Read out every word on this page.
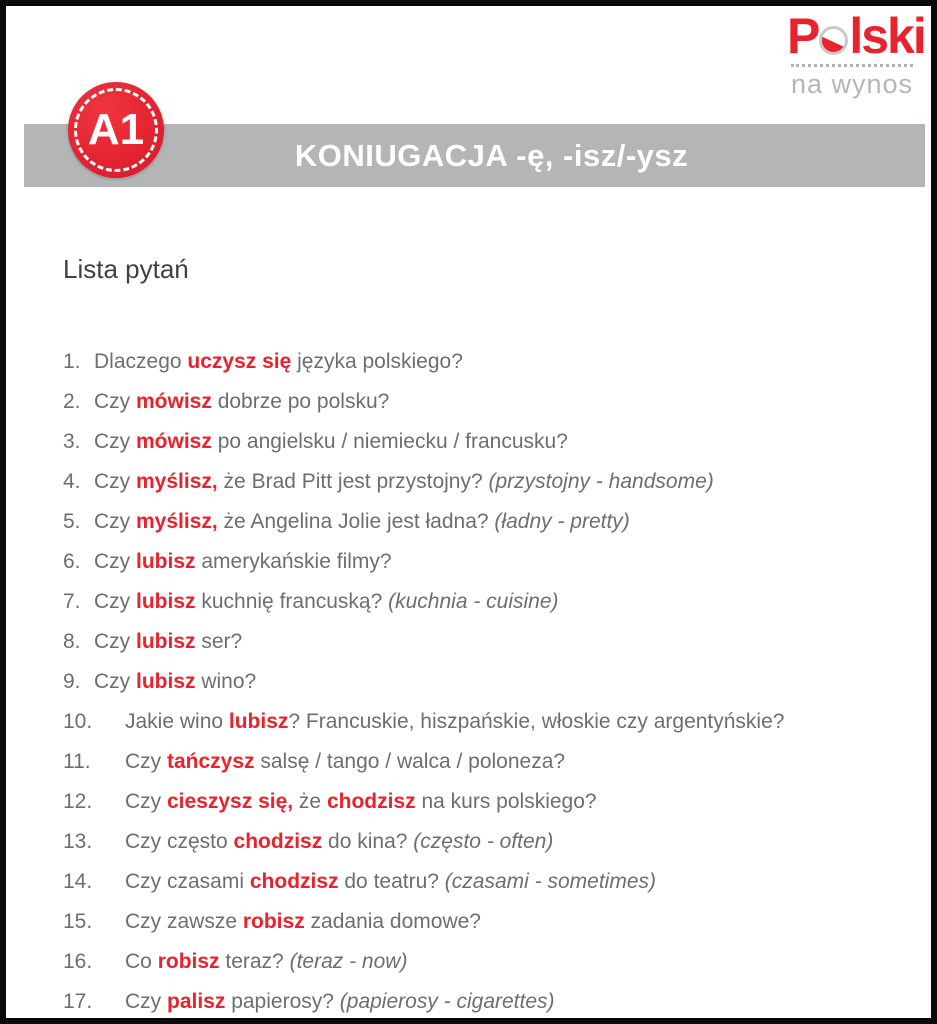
P lski
na wynos
A1
KONIUGACJA -ę, -isz/-ysz
Lista pytań
1. Dlaczego uczysz się języka polskiego?
2. Czy mówisz dobrze po polsku?
3. Czy mówisz po angielsku / niemiecku / francusku?
4. Czy myślisz, że Brad Pitt jest przystojny? (przystojny - handsome)
5. Czy myślisz, że Angelina Jolie jest ładna? (ładny - pretty)
6. Czy lubisz amerykańskie filmy?
7. Czy lubisz kuchnię francuską? (kuchnia - cuisine)
8. Czy lubisz ser?
9. Czy lubisz wino?
10.	Jakie wino lubisz? Francuskie, hiszpańskie, włoskie czy argentyńskie?
11.	Czy tańczysz salsę / tango / walca / poloneza?
12.	Czy cieszysz się, że chodzisz na kurs polskiego?
13.	Czy często chodzisz do kina? (często - often)
14.	Czy czasami chodzisz do teatru? (czasami - sometimes)
15.	Czy zawsze robisz zadania domowe?
16.	Co robisz teraz? (teraz - now)
17.	Czy palisz papierosy? (papierosy - cigarettes)
